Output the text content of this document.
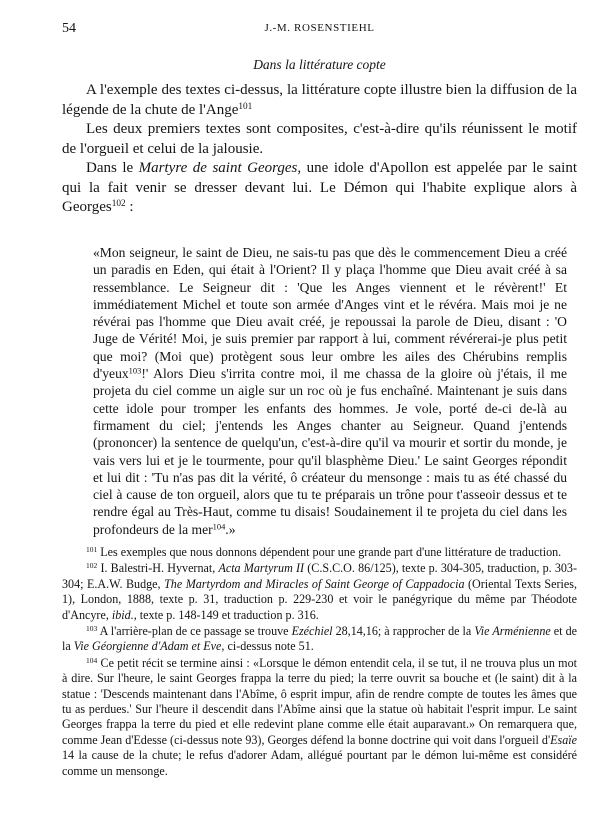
54	J.-M. ROSENSTIEHL
Dans la littérature copte

A l'exemple des textes ci-dessus, la littérature copte illustre bien la diffusion de la légende de la chute de l'Ange$^{101}$

Les deux premiers textes sont composites, c'est-à-dire qu'ils réunissent le motif de l'orgueil et celui de la jalousie.

Dans le Martyre de saint Georges, une idole d'Apollon est appelée par le saint qui la fait venir se dresser devant lui. Le Démon qui l'habite explique alors à Georges$^{102}$ :

«Mon seigneur, le saint de Dieu, ne sais-tu pas que dès le commencement Dieu a créé un paradis en Eden, qui était à l'Orient? Il y plaça l'homme que Dieu avait créé à sa ressemblance. Le Seigneur dit : 'Que les Anges viennent et le révèrent!' Et immédiatement Michel et toute son armée d'Anges vint et le révéra. Mais moi je ne révérai pas l'homme que Dieu avait créé, je repoussai la parole de Dieu, disant : 'O Juge de Vérité! Moi, je suis premier par rapport à lui, comment révérerai-je plus petit que moi? (Moi que) protègent sous leur ombre les ailes des Chérubins remplis d'yeux$^{103}$!' Alors Dieu s'irrita contre moi, il me chassa de la gloire où j'étais, il me projeta du ciel comme un aigle sur un roc où je fus enchaîné. Maintenant je suis dans cette idole pour tromper les enfants des hommes. Je vole, porté de-ci de-là au firmament du ciel; j'entends les Anges chanter au Seigneur. Quand j'entends (prononcer) la sentence de quelqu'un, c'est-à-dire qu'il va mourir et sortir du monde, je vais vers lui et je le tourmente, pour qu'il blasphème Dieu.' Le saint Georges répondit et lui dit : 'Tu n'as pas dit la vérité, ô créateur du mensonge : mais tu as été chassé du ciel à cause de ton orgueil, alors que tu te préparais un trône pour t'asseoir dessus et te rendre égal au Très-Haut, comme tu disais! Soudainement il te projeta du ciel dans les profondeurs de la mer$^{104}$.»

$^{101}$ Les exemples que nous donnons dépendent pour une grande part d'une littérature de traduction.

$^{102}$ I. Balestri-H. Hyvernat, Acta Martyrum II (C.S.C.O. 86/125), texte p. 304-305, traduction, p. 303-304; E.A.W. Budge, The Martyrdom and Miracles of Saint George of Cappadocia (Oriental Texts Series, 1), London, 1888, texte p. 31, traduction p. 229-230 et voir le panégyrique du même par Théodote d'Ancyre, ibid., texte p. 148-149 et traduction p. 316.

$^{103}$ A l'arrière-plan de ce passage se trouve Ezéchiel 28,14,16; à rapprocher de la Vie Arménienne et de la Vie Géorgienne d'Adam et Eve, ci-dessus note 51.

$^{104}$ Ce petit récit se termine ainsi : «Lorsque le démon entendit cela, il se tut, il ne trouva plus un mot à dire. Sur l'heure, le saint Georges frappa la terre du pied; la terre ouvrit sa bouche et (le saint) dit à la statue : 'Descends maintenant dans l'Abîme, ô esprit impur, afin de rendre compte de toutes les âmes que tu as perdues.' Sur l'heure il descendit dans l'Abîme ainsi que la statue où habitait l'esprit impur. Le saint Georges frappa la terre du pied et elle redevint plane comme elle était auparavant.» On remarquera que, comme Jean d'Edesse (ci-dessus note 93), Georges défend la bonne doctrine qui voit dans l'orgueil d'Esaïe 14 la cause de la chute; le refus d'adorer Adam, allégué pourtant par le démon lui-même est considéré comme un mensonge.
